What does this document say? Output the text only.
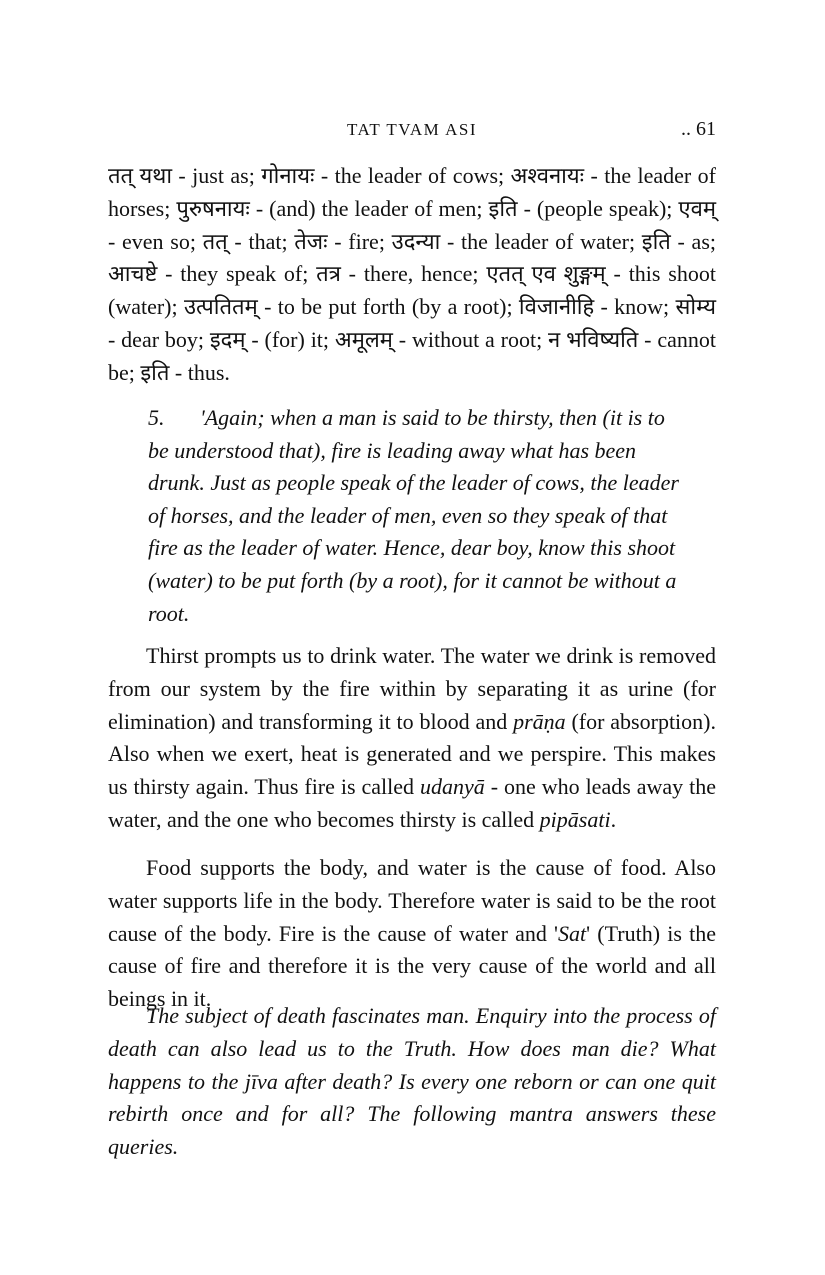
TAT TVAM ASI	.. 61
तत् यथा - just as; गोनायः - the leader of cows; अश्वनायः - the leader of horses; पुरुषनायः - (and) the leader of men; इति - (people speak); एवम् - even so; तत् - that; तेजः - fire; उदन्या - the leader of water; इति - as; आचष्टे - they speak of; तत्र - there, hence; एतत् एव शुङ्गम् - this shoot (water); उत्पतितम् - to be put forth (by a root); विजानीहि - know; सोम्य - dear boy; इदम् - (for) it; अमूलम् - without a root; न भविष्यति - cannot be; इति - thus.
5. 'Again; when a man is said to be thirsty, then (it is to be understood that), fire is leading away what has been drunk. Just as people speak of the leader of cows, the leader of horses, and the leader of men, even so they speak of that fire as the leader of water. Hence, dear boy, know this shoot (water) to be put forth (by a root), for it cannot be without a root.

Thirst prompts us to drink water. The water we drink is removed from our system by the fire within by separating it as urine (for elimination) and transforming it to blood and prāṇa (for absorption). Also when we exert, heat is generated and we perspire. This makes us thirsty again. Thus fire is called udanyā - one who leads away the water, and the one who becomes thirsty is called pipāsati.

Food supports the body, and water is the cause of food. Also water supports life in the body. Therefore water is said to be the root cause of the body. Fire is the cause of water and 'Sat' (Truth) is the cause of fire and therefore it is the very cause of the world and all beings in it.

The subject of death fascinates man. Enquiry into the process of death can also lead us to the Truth. How does man die? What happens to the jīva after death? Is every one reborn or can one quit rebirth once and for all? The following mantra answers these queries.
